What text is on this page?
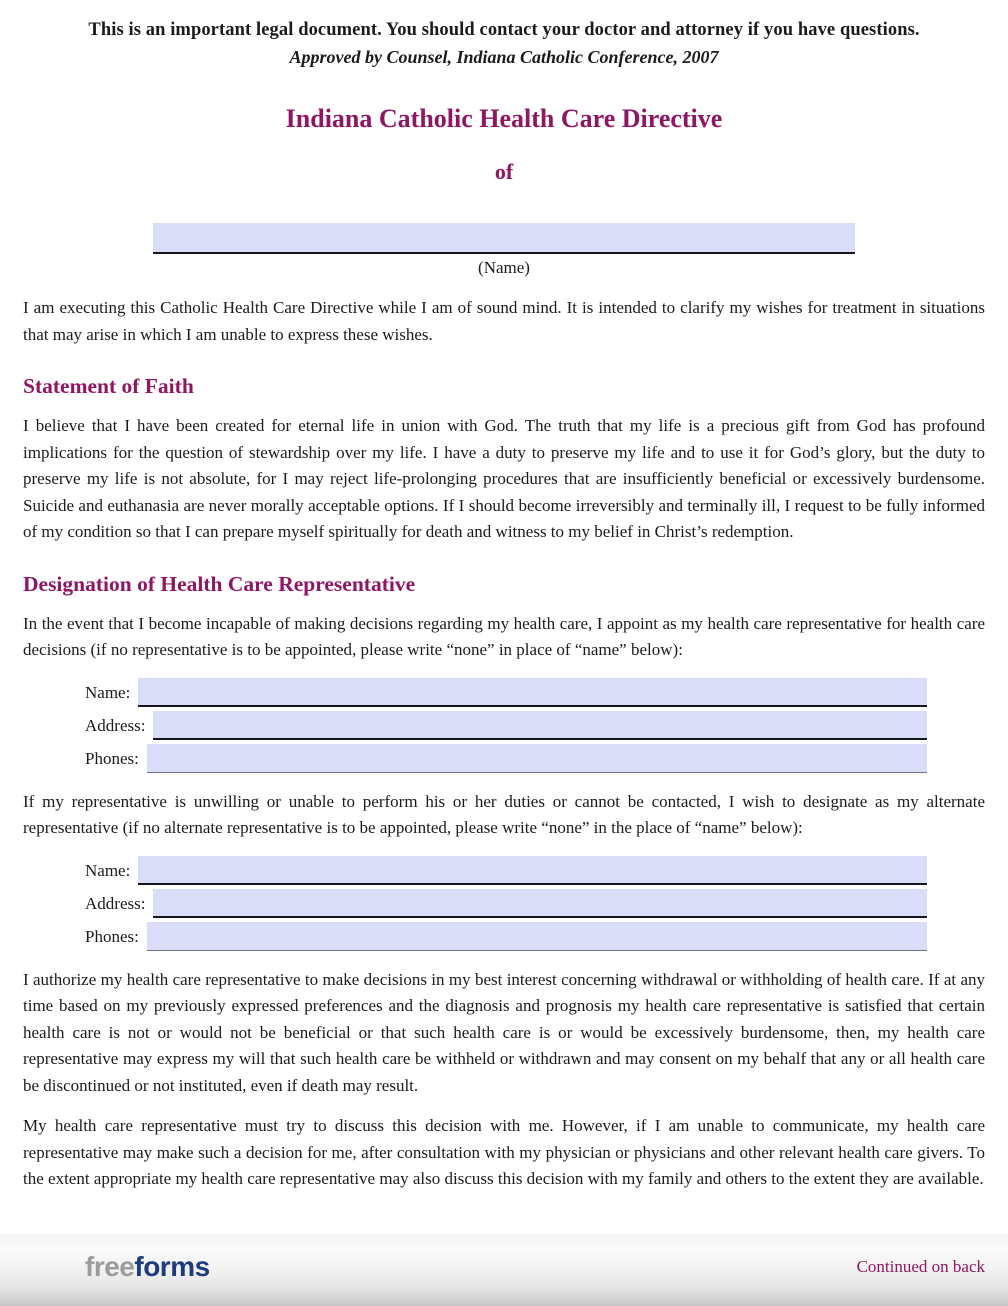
This is an important legal document. You should contact your doctor and attorney if you have questions.

Approved by Counsel, Indiana Catholic Conference, 2007

Indiana Catholic Health Care Directive
of
(Name)

I am executing this Catholic Health Care Directive while I am of sound mind. It is intended to clarify my wishes for treatment in situations that may arise in which I am unable to express these wishes.

Statement of Faith

I believe that I have been created for eternal life in union with God. The truth that my life is a precious gift from God has profound implications for the question of stewardship over my life. I have a duty to preserve my life and to use it for God’s glory, but the duty to preserve my life is not absolute, for I may reject life-prolonging procedures that are insufficiently beneficial or excessively burdensome. Suicide and euthanasia are never morally acceptable options. If I should become irreversibly and terminally ill, I request to be fully informed of my condition so that I can prepare myself spiritually for death and witness to my belief in Christ’s redemption.

Designation of Health Care Representative

In the event that I become incapable of making decisions regarding my health care, I appoint as my health care representative for health care decisions (if no representative is to be appointed, please write “none” in place of “name” below):

Name:
Address:
Phones:

If my representative is unwilling or unable to perform his or her duties or cannot be contacted, I wish to designate as my alternate representative (if no alternate representative is to be appointed, please write “none” in the place of “name” below):

Name:
Address:
Phones:

I authorize my health care representative to make decisions in my best interest concerning withdrawal or withholding of health care. If at any time based on my previously expressed preferences and the diagnosis and prognosis my health care representative is satisfied that certain health care is not or would not be beneficial or that such health care is or would be excessively burdensome, then, my health care representative may express my will that such health care be withheld or withdrawn and may consent on my behalf that any or all health care be discontinued or not instituted, even if death may result.

My health care representative must try to discuss this decision with me. However, if I am unable to communicate, my health care representative may make such a decision for me, after consultation with my physician or physicians and other relevant health care givers. To the extent appropriate my health care representative may also discuss this decision with my family and others to the extent they are available.

freeforms	Continued on back
